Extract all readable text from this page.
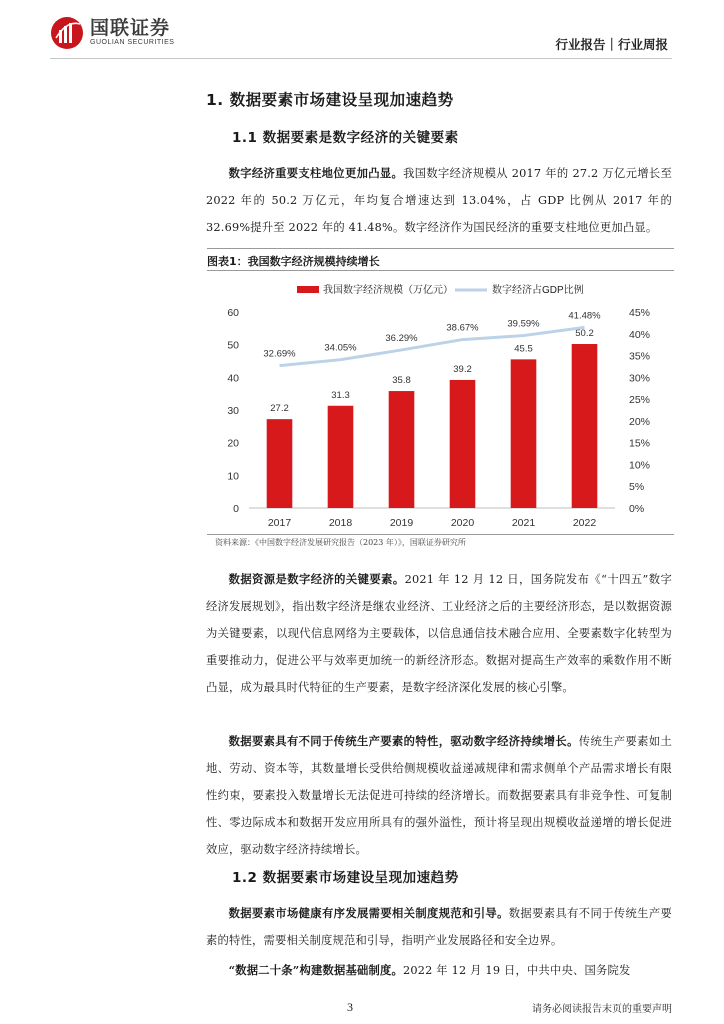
国联证券
GUOLIAN SECURITIES	行业报告｜行业周报
1. 数据要素市场建设呈现加速趋势
1.1 数据要素是数字经济的关键要素
数字经济重要支柱地位更加凸显。我国数字经济规模从 2017 年的 27.2 万亿元增长至 2022 年的 50.2 万亿元，年均复合增速达到 13.04%，占 GDP 比例从 2017 年的 32.69%提升至 2022 年的 41.48%。数字经济作为国民经济的重要支柱地位更加凸显。
图表1：我国数字经济规模持续增长
我国数字经济规模（万亿元）	数字经济占GDP比例
0
10
20
30
40
50
60
0%
5%
10%
15%
20%
25%
30%
35%
40%
45%
27.2
2017
31.3
2018
35.8
2019
39.2
2020
45.5
2021
50.2
2022
32.69%
34.05%
36.29%
38.67%	39.59%
41.48%
资料来源：《中国数字经济发展研究报告（2023 年）》，国联证券研究所
数据资源是数字经济的关键要素。2021 年 12 月 12 日，国务院发布《“十四五”数字经济发展规划》，指出数字经济是继农业经济、工业经济之后的主要经济形态，是以数据资源为关键要素，以现代信息网络为主要载体，以信息通信技术融合应用、全要素数字化转型为重要推动力，促进公平与效率更加统一的新经济形态。数据对提高生产效率的乘数作用不断凸显，成为最具时代特征的生产要素，是数字经济深化发展的核心引擎。
数据要素具有不同于传统生产要素的特性，驱动数字经济持续增长。传统生产要素如土地、劳动、资本等，其数量增长受供给侧规模收益递减规律和需求侧单个产品需求增长有限性约束，要素投入数量增长无法促进可持续的经济增长。而数据要素具有非竞争性、可复制性、零边际成本和数据开发应用所具有的强外溢性，预计将呈现出规模收益递增的增长促进效应，驱动数字经济持续增长。
1.2 数据要素市场建设呈现加速趋势
数据要素市场健康有序发展需要相关制度规范和引导。数据要素具有不同于传统生产要素的特性，需要相关制度规范和引导，指明产业发展路径和安全边界。
“数据二十条”构建数据基础制度。2022 年 12 月 19 日，中共中央、国务院发
3	请务必阅读报告末页的重要声明
